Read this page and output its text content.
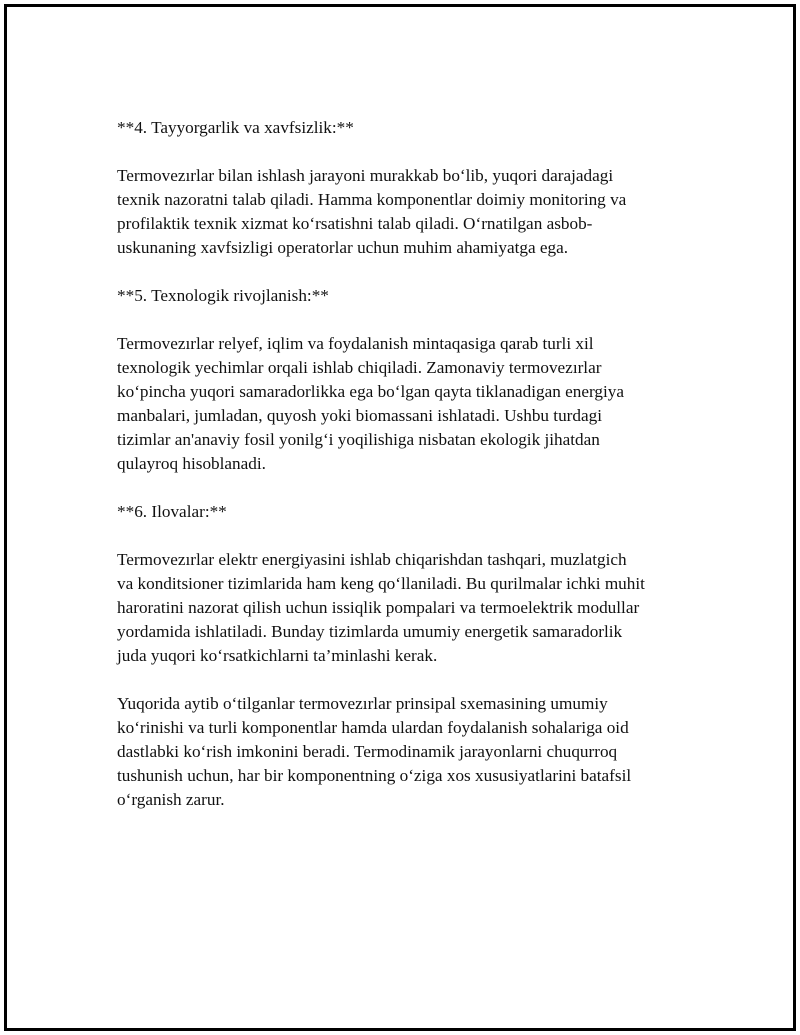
**4. Tayyorgarlik va xavfsizlik:**

Termovezırlar bilan ishlash jarayoni murakkab bo‘lib, yuqori darajadagi
texnik nazoratni talab qiladi. Hamma komponentlar doimiy monitoring va
profilaktik texnik xizmat ko‘rsatishni talab qiladi. O‘rnatilgan asbob-
uskunaning xavfsizligi operatorlar uchun muhim ahamiyatga ega.

**5. Texnologik rivojlanish:**

Termovezırlar relyef, iqlim va foydalanish mintaqasiga qarab turli xil
texnologik yechimlar orqali ishlab chiqiladi. Zamonaviy termovezırlar
ko‘pincha yuqori samaradorlikka ega bo‘lgan qayta tiklanadigan energiya
manbalari, jumladan, quyosh yoki biomassani ishlatadi. Ushbu turdagi
tizimlar an'anaviy fosil yonilg‘i yoqilishiga nisbatan ekologik jihatdan
qulayroq hisoblanadi.

**6. Ilovalar:**

Termovezırlar elektr energiyasini ishlab chiqarishdan tashqari, muzlatgich
va konditsioner tizimlarida ham keng qo‘llaniladi. Bu qurilmalar ichki muhit
haroratini nazorat qilish uchun issiqlik pompalari va termoelektrik modullar
yordamida ishlatiladi. Bunday tizimlarda umumiy energetik samaradorlik
juda yuqori ko‘rsatkichlarni ta’minlashi kerak.

Yuqorida aytib o‘tilganlar termovezırlar prinsipal sxemasining umumiy
ko‘rinishi va turli komponentlar hamda ulardan foydalanish sohalariga oid
dastlabki ko‘rish imkonini beradi. Termodinamik jarayonlarni chuqurroq
tushunish uchun, har bir komponentning o‘ziga xos xususiyatlarini batafsil
o‘rganish zarur.
